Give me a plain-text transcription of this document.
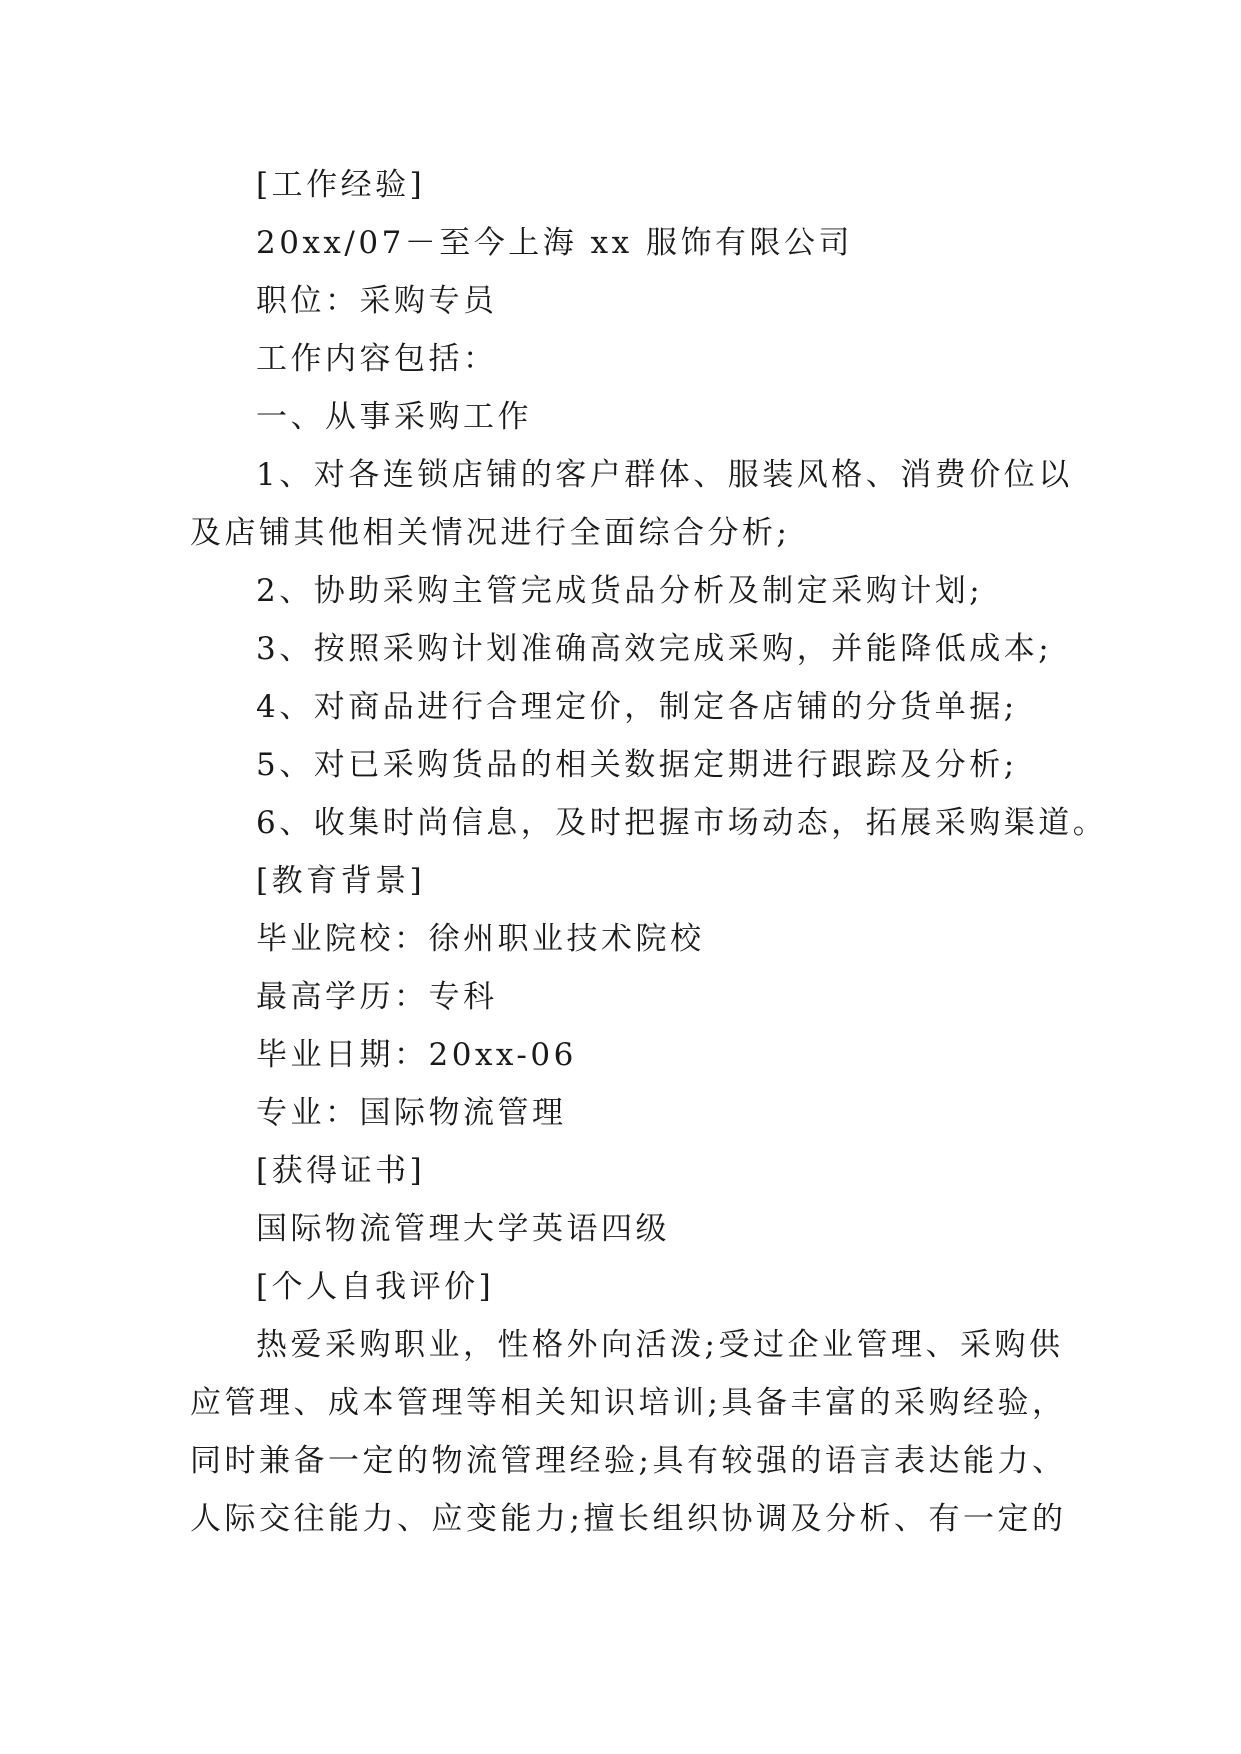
[工作经验]
20xx/07－至今上海 xx 服饰有限公司
职位：采购专员
工作内容包括：
一、从事采购工作
1、对各连锁店铺的客户群体、服装风格、消费价位以
及店铺其他相关情况进行全面综合分析;
2、协助采购主管完成货品分析及制定采购计划;
3、按照采购计划准确高效完成采购，并能降低成本;
4、对商品进行合理定价，制定各店铺的分货单据;
5、对已采购货品的相关数据定期进行跟踪及分析;
6、收集时尚信息，及时把握市场动态，拓展采购渠道。
[教育背景]
毕业院校：徐州职业技术院校
最高学历：专科
毕业日期：20xx-06
专业：国际物流管理
[获得证书]
国际物流管理大学英语四级
[个人自我评价]
热爱采购职业，性格外向活泼;受过企业管理、采购供
应管理、成本管理等相关知识培训;具备丰富的采购经验，
同时兼备一定的物流管理经验;具有较强的语言表达能力、
人际交往能力、应变能力;擅长组织协调及分析、有一定的
